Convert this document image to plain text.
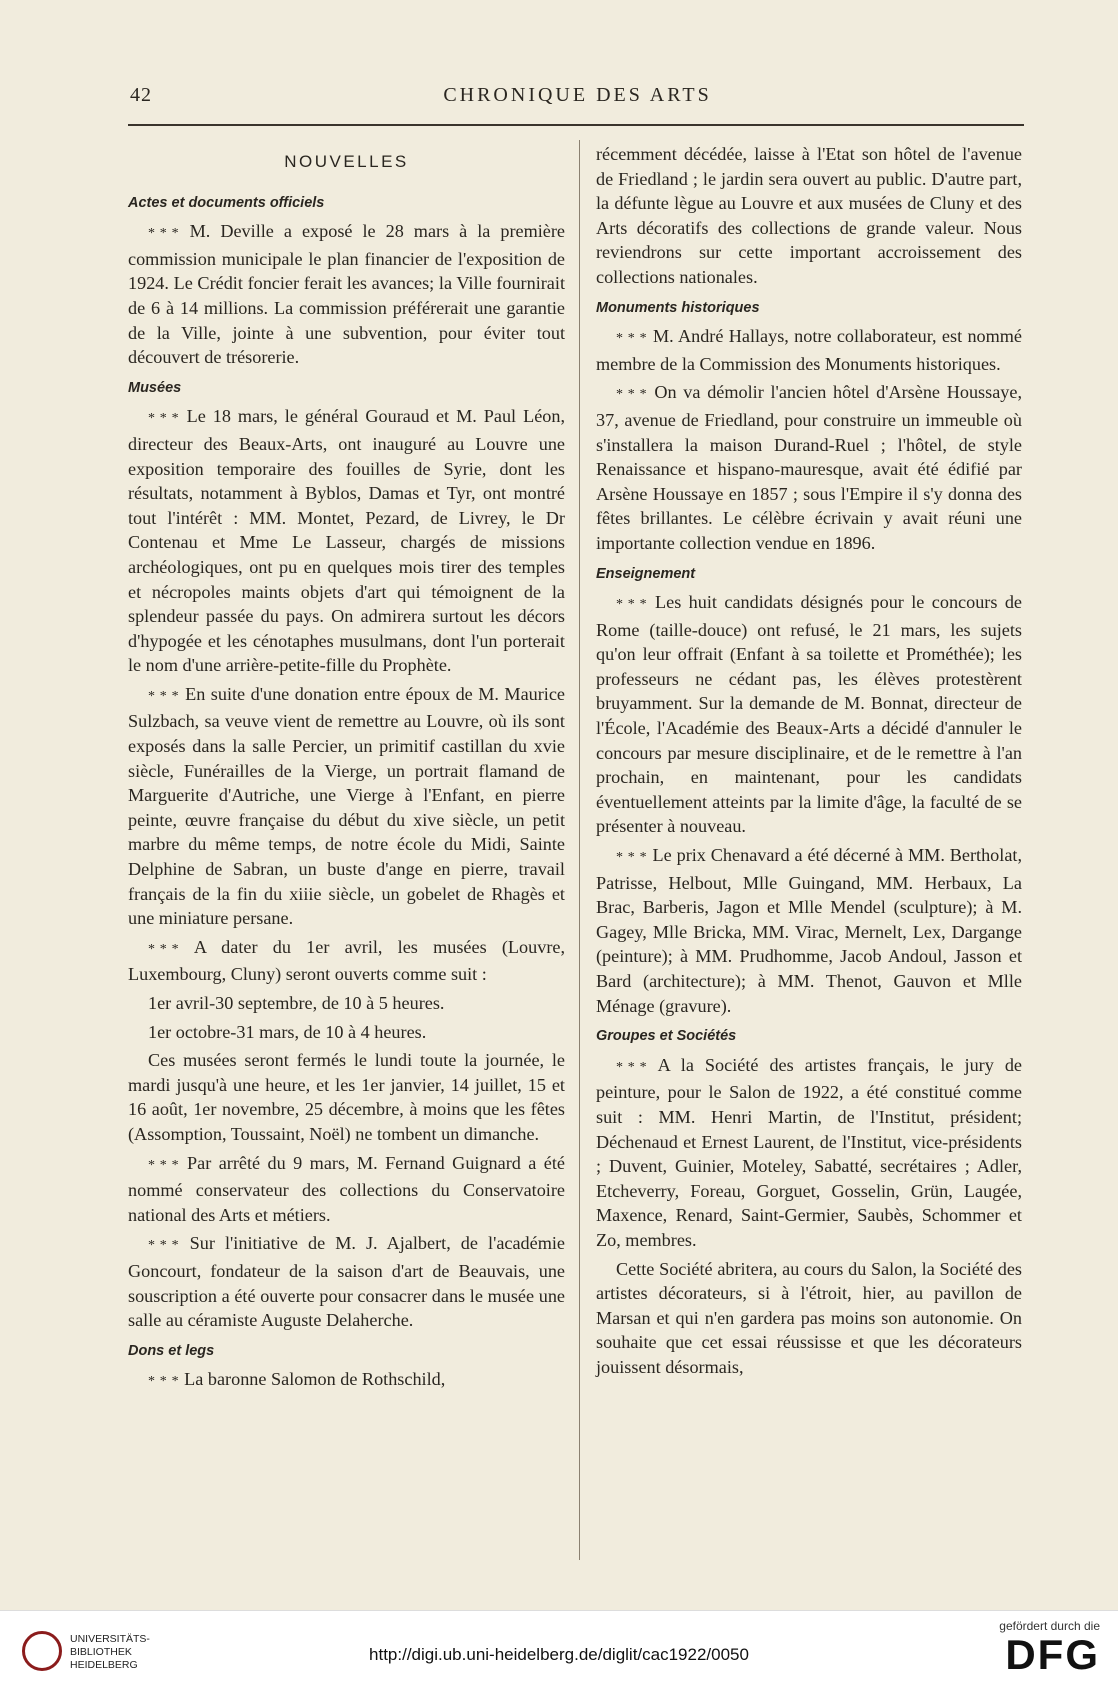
42	CHRONIQUE DES ARTS
NOUVELLES
Actes et documents officiels

* * * M. Deville a exposé le 28 mars à la première commission municipale le plan financier de l'exposition de 1924. Le Crédit foncier ferait les avances; la Ville fournirait de 6 à 14 millions. La commission préférerait une garantie de la Ville, jointe à une subvention, pour éviter tout découvert de trésorerie.

Musées

* * * Le 18 mars, le général Gouraud et M. Paul Léon, directeur des Beaux-Arts, ont inauguré au Louvre une exposition temporaire des fouilles de Syrie, dont les résultats, notamment à Byblos, Damas et Tyr, ont montré tout l'intérêt : MM. Montet, Pezard, de Livrey, le Dr Contenau et Mme Le Lasseur, chargés de missions archéologiques, ont pu en quelques mois tirer des temples et nécropoles maints objets d'art qui témoignent de la splendeur passée du pays. On admirera surtout les décors d'hypogée et les cénotaphes musulmans, dont l'un porterait le nom d'une arrière-petite-fille du Prophète.

* * * En suite d'une donation entre époux de M. Maurice Sulzbach, sa veuve vient de remettre au Louvre, où ils sont exposés dans la salle Percier, un primitif castillan du xvie siècle, Funérailles de la Vierge, un portrait flamand de Marguerite d'Autriche, une Vierge à l'Enfant, en pierre peinte, œuvre française du début du xive siècle, un petit marbre du même temps, de notre école du Midi, Sainte Delphine de Sabran, un buste d'ange en pierre, travail français de la fin du xiiie siècle, un gobelet de Rhagès et une miniature persane.

* * * A dater du 1er avril, les musées (Louvre, Luxembourg, Cluny) seront ouverts comme suit :

1er avril-30 septembre, de 10 à 5 heures.

1er octobre-31 mars, de 10 à 4 heures.

Ces musées seront fermés le lundi toute la journée, le mardi jusqu'à une heure, et les 1er janvier, 14 juillet, 15 et 16 août, 1er novembre, 25 décembre, à moins que les fêtes (Assomption, Toussaint, Noël) ne tombent un dimanche.

* * * Par arrêté du 9 mars, M. Fernand Guignard a été nommé conservateur des collections du Conservatoire national des Arts et métiers.

* * * Sur l'initiative de M. J. Ajalbert, de l'académie Goncourt, fondateur de la saison d'art de Beauvais, une souscription a été ouverte pour consacrer dans le musée une salle au céramiste Auguste Delaherche.

Dons et legs

* * * La baronne Salomon de Rothschild,

récemment décédée, laisse à l'Etat son hôtel de l'avenue de Friedland ; le jardin sera ouvert au public. D'autre part, la défunte lègue au Louvre et aux musées de Cluny et des Arts décoratifs des collections de grande valeur. Nous reviendrons sur cette important accroissement des collections nationales.

Monuments historiques

* * * M. André Hallays, notre collaborateur, est nommé membre de la Commission des Monuments historiques.

* * * On va démolir l'ancien hôtel d'Arsène Houssaye, 37, avenue de Friedland, pour construire un immeuble où s'installera la maison Durand-Ruel ; l'hôtel, de style Renaissance et hispano-mauresque, avait été édifié par Arsène Houssaye en 1857 ; sous l'Empire il s'y donna des fêtes brillantes. Le célèbre écrivain y avait réuni une importante collection vendue en 1896.

Enseignement

* * * Les huit candidats désignés pour le concours de Rome (taille-douce) ont refusé, le 21 mars, les sujets qu'on leur offrait (Enfant à sa toilette et Prométhée); les professeurs ne cédant pas, les élèves protestèrent bruyamment. Sur la demande de M. Bonnat, directeur de l'École, l'Académie des Beaux-Arts a décidé d'annuler le concours par mesure disciplinaire, et de le remettre à l'an prochain, en maintenant, pour les candidats éventuellement atteints par la limite d'âge, la faculté de se présenter à nouveau.

* * * Le prix Chenavard a été décerné à MM. Bertholat, Patrisse, Helbout, Mlle Guingand, MM. Herbaux, La Brac, Barberis, Jagon et Mlle Mendel (sculpture); à M. Gagey, Mlle Bricka, MM. Virac, Mernelt, Lex, Dargange (peinture); à MM. Prudhomme, Jacob Andoul, Jasson et Bard (architecture); à MM. Thenot, Gauvon et Mlle Ménage (gravure).

Groupes et Sociétés

* * * A la Société des artistes français, le jury de peinture, pour le Salon de 1922, a été constitué comme suit : MM. Henri Martin, de l'Institut, président; Déchenaud et Ernest Laurent, de l'Institut, vice-présidents ; Duvent, Guinier, Moteley, Sabatté, secrétaires ; Adler, Etcheverry, Foreau, Gorguet, Gosselin, Grün, Laugée, Maxence, Renard, Saint-Germier, Saubès, Schommer et Zo, membres.

Cette Société abritera, au cours du Salon, la Société des artistes décorateurs, si à l'étroit, hier, au pavillon de Marsan et qui n'en gardera pas moins son autonomie. On souhaite que cet essai réussisse et que les décorateurs jouissent désormais,

UNIVERSITÄTS-
BIBLIOTHEK
HEIDELBERG
http://digi.ub.uni-heidelberg.de/diglit/cac1922/0050
gefördert durch die
DFG
